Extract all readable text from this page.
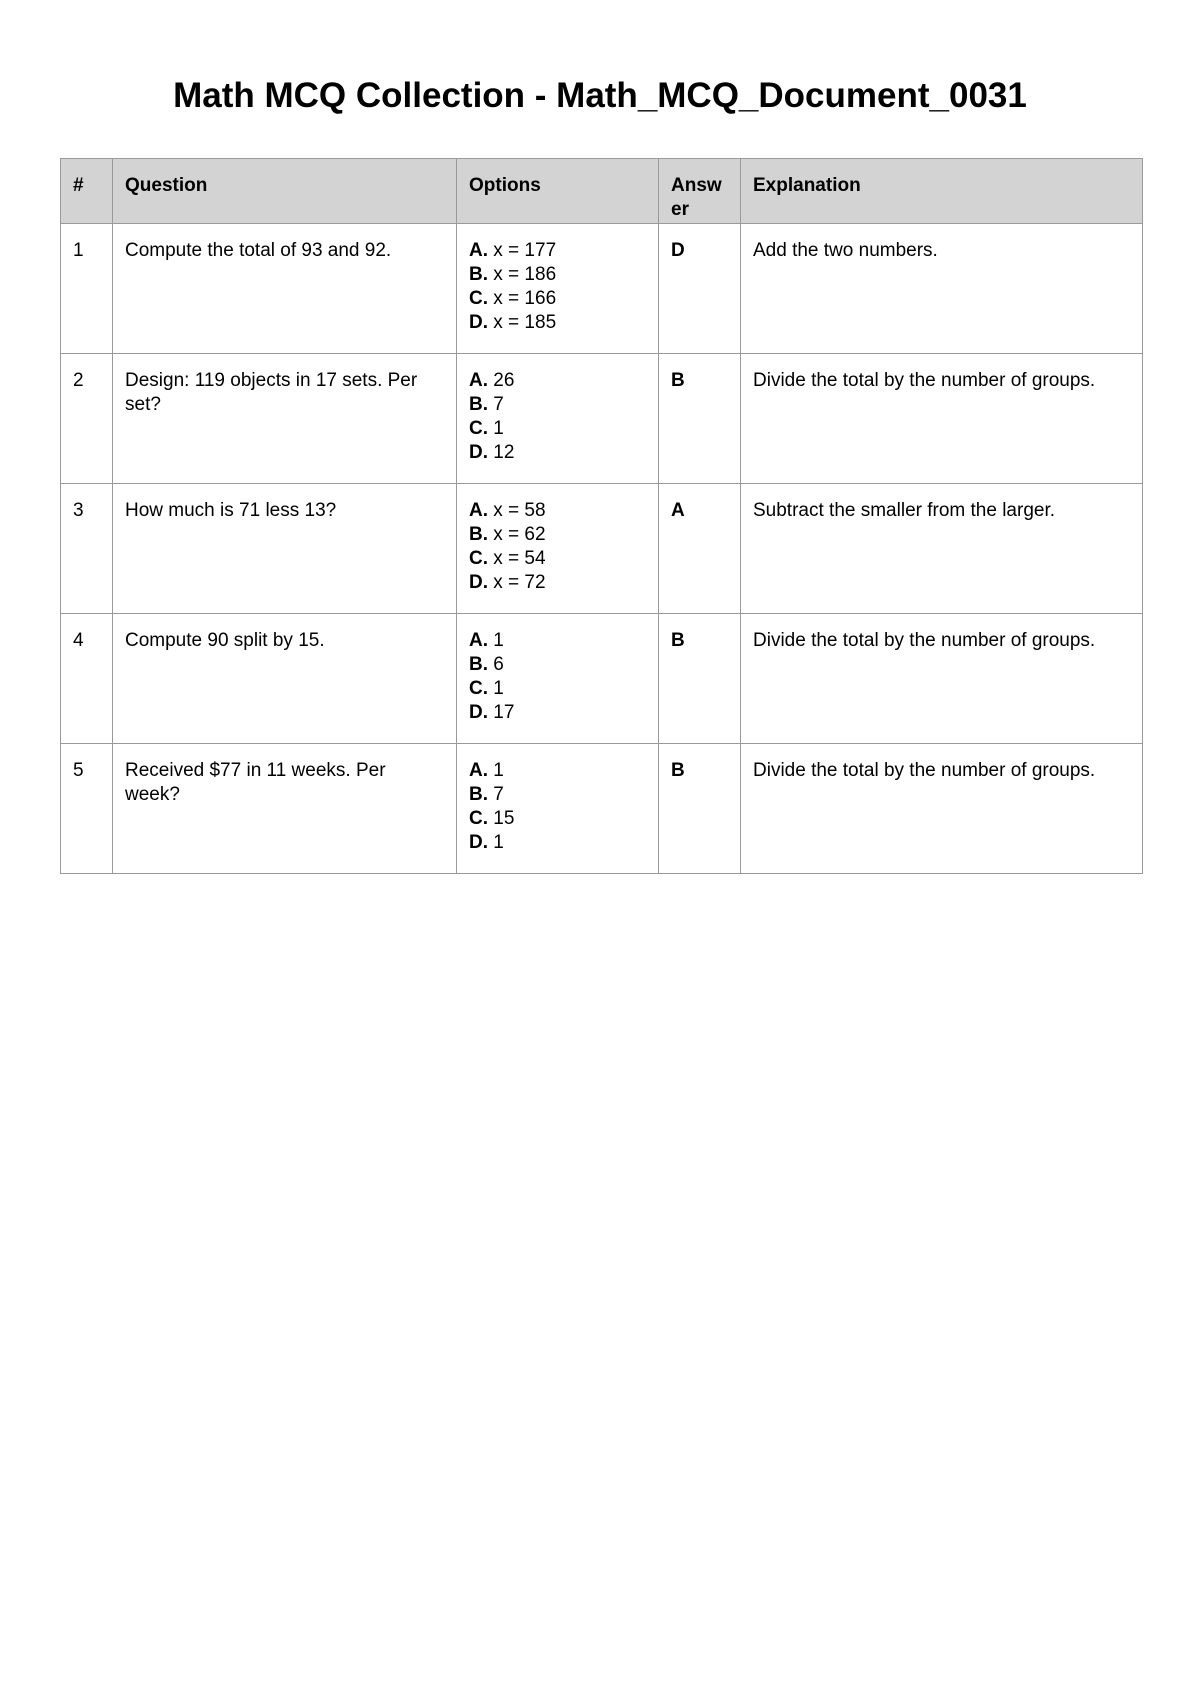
Math MCQ Collection - Math_MCQ_Document_0031
#	Question	Options	Answer	Explanation
1	Compute the total of 93 and 92.	A. x = 177
B. x = 186
C. x = 166
D. x = 185	D	Add the two numbers.
2	Design: 119 objects in 17 sets. Per set?	A. 26
B. 7
C. 1
D. 12	B	Divide the total by the number of groups.
3	How much is 71 less 13?	A. x = 58
B. x = 62
C. x = 54
D. x = 72	A	Subtract the smaller from the larger.
4	Compute 90 split by 15.	A. 1
B. 6
C. 1
D. 17	B	Divide the total by the number of groups.
5	Received $77 in 11 weeks. Per week?	A. 1
B. 7
C. 15
D. 1	B	Divide the total by the number of groups.
